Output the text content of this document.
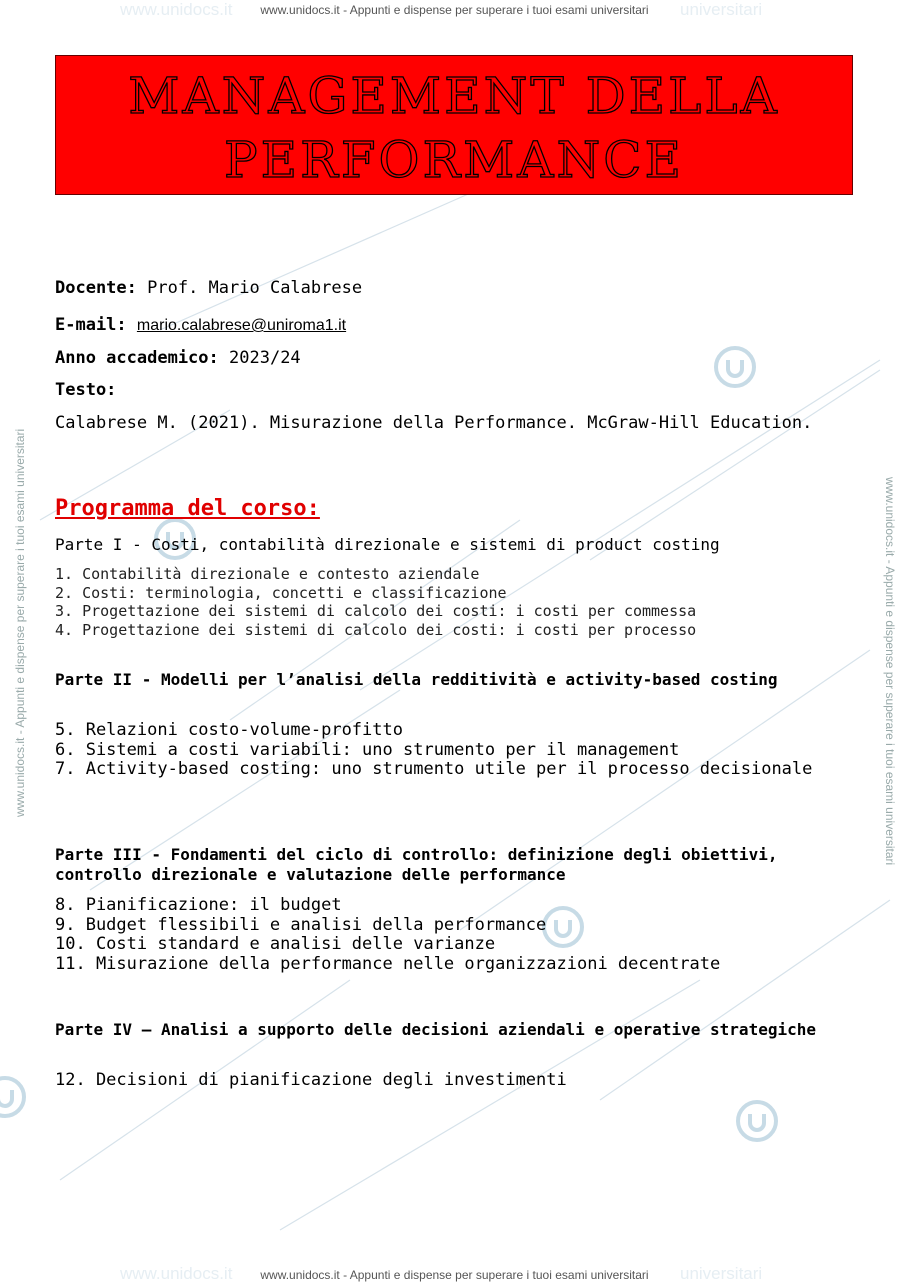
www.unidocs.it	universitari
www.unidocs.it	universitari
www.unidocs.it - Appunti e dispense per superare i tuoi esami universitari
www.unidocs.it - Appunti e dispense per superare i tuoi esami universitari	www.unidocs.it - Appunti e dispense per superare i tuoi esami universitari
MANAGEMENT DELLA PERFORMANCE
Docente: Prof. Mario Calabrese
E-mail: mario.calabrese@uniroma1.it
Anno accademico: 2023/24
Testo:
Calabrese M. (2021). Misurazione della Performance. McGraw-Hill Education.
Programma del corso:
Parte I - Costi, contabilità direzionale e sistemi di product costing
1. Contabilità direzionale e contesto aziendale
2. Costi: terminologia, concetti e classificazione
3. Progettazione dei sistemi di calcolo dei costi: i costi per commessa
4. Progettazione dei sistemi di calcolo dei costi: i costi per processo
Parte II - Modelli per l’analisi della redditività e activity-based costing
5. Relazioni costo-volume-profitto
6. Sistemi a costi variabili: uno strumento per il management
7. Activity-based costing: uno strumento utile per il processo decisionale
Parte III - Fondamenti del ciclo di controllo: definizione degli obiettivi, controllo direzionale e valutazione delle performance
8. Pianificazione: il budget
9. Budget flessibili e analisi della performance
10. Costi standard e analisi delle varianze
11. Misurazione della performance nelle organizzazioni decentrate
Parte IV – Analisi a supporto delle decisioni aziendali e operative strategiche
12. Decisioni di pianificazione degli investimenti
www.unidocs.it - Appunti e dispense per superare i tuoi esami universitari
